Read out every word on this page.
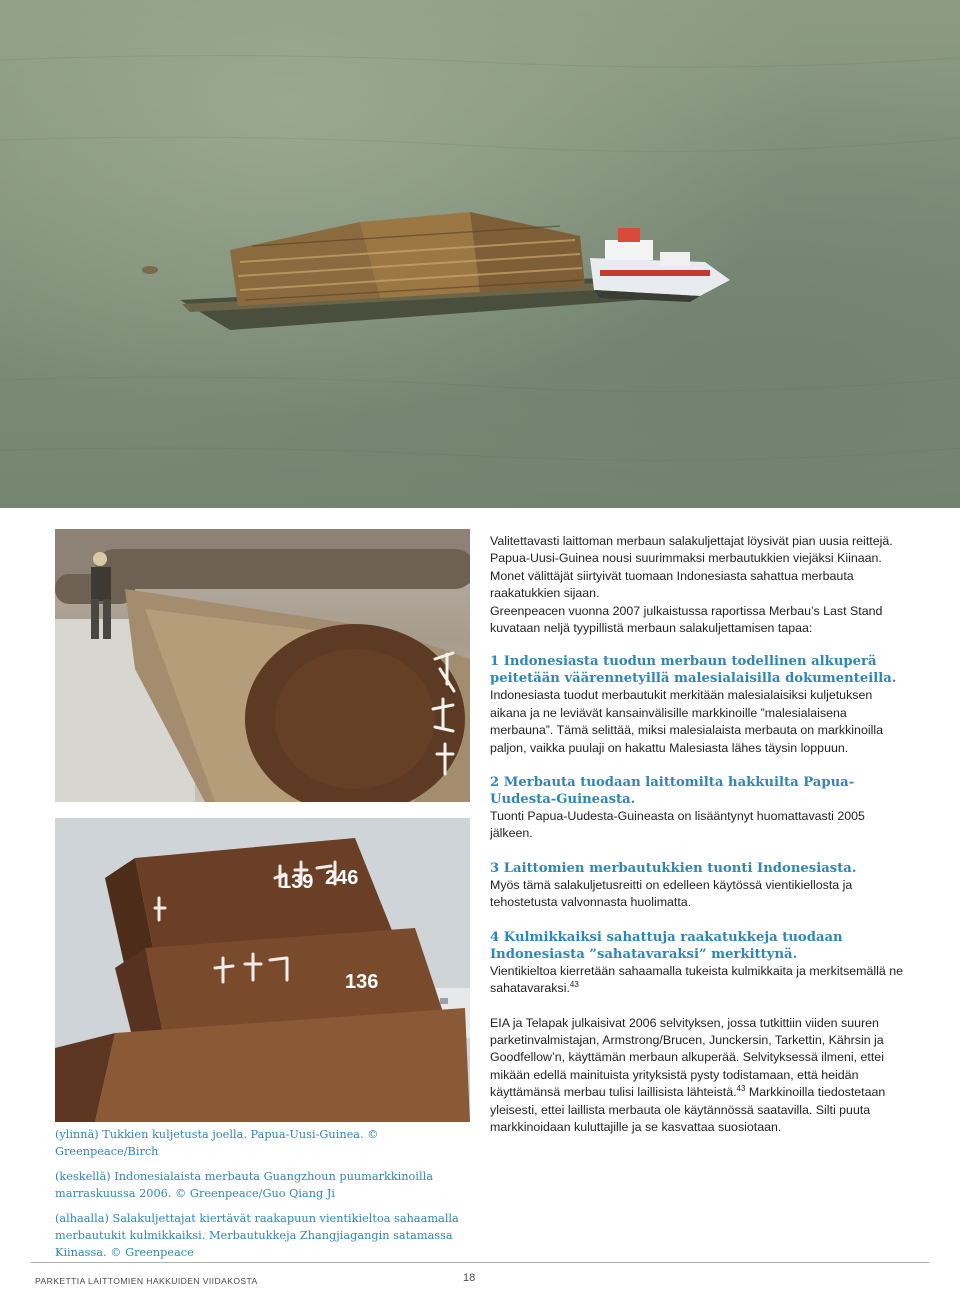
139 246
136

Valitettavasti laittoman merbaun salakuljettajat löysivät pian uusia reittejä. Papua-Uusi-Guinea nousi suurimmaksi merbautukkien viejäksi Kiinaan. Monet välittäjät siirtyivät tuomaan Indonesiasta sahattua merbauta raakatukkien sijaan.

Greenpeacen vuonna 2007 julkaistussa raportissa Merbau’s Last Stand kuvataan neljä tyypillistä merbaun salakuljettamisen tapaa:

1 Indonesiasta tuodun merbaun todellinen alkuperä peitetään väärennetyillä malesialaisilla dokumenteilla.

Indonesiasta tuodut merbautukit merkitään malesialaisiksi kuljetuksen aikana ja ne leviävät kansainvälisille markkinoille ”malesialaisena merbauna”. Tämä selittää, miksi malesialaista merbauta on markkinoilla paljon, vaikka puulaji on hakattu Malesiasta lähes täysin loppuun.

2 Merbauta tuodaan laittomilta hakkuilta Papua-Uudesta-Guineasta.

Tuonti Papua-Uudesta-Guineasta on lisääntynyt huomattavasti 2005 jälkeen.

3 Laittomien merbautukkien tuonti Indonesiasta.

Myös tämä salakuljetusreitti on edelleen käytössä vientikiellosta ja tehostetusta valvonnasta huolimatta.

4 Kulmikkaiksi sahattuja raakatukkeja tuodaan Indonesiasta ”sahatavaraksi” merkittynä.

Vientikieltoa kierretään sahaamalla tukeista kulmikkaita ja merkitsemällä ne sahatavaraksi.$^{43}$

EIA ja Telapak julkaisivat 2006 selvityksen, jossa tutkittiin viiden suuren parketinvalmistajan, Armstrong/Brucen, Junckersin, Tarkettin, Kährsin ja Goodfellow’n, käyttämän merbaun alkuperää. Selvityksessä ilmeni, ettei mikään edellä mainituista yrityksistä pysty todistamaan, että heidän käyttämänsä merbau tulisi laillisista lähteistä.$^{43}$ Markkinoilla tiedostetaan yleisesti, ettei laillista merbauta ole käytännössä saatavilla. Silti puuta markkinoidaan kuluttajille ja se kasvattaa suosiotaan.

(ylinnä) Tukkien kuljetusta joella. Papua-Uusi-Guinea. © Greenpeace/Birch

(keskellä) Indonesialaista merbauta Guangzhoun puumarkkinoilla marraskuussa 2006. © Greenpeace/Guo Qiang Ji

(alhaalla) Salakuljettajat kiertävät raakapuun vientikieltoa sahaamalla merbautukit kulmikkaiksi. Merbautukkeja Zhangjiagangin satamassa Kiinassa. © Greenpeace

PARKETTIA LAITTOMIEN HAKKUIDEN VIIDAKOSTA	18
